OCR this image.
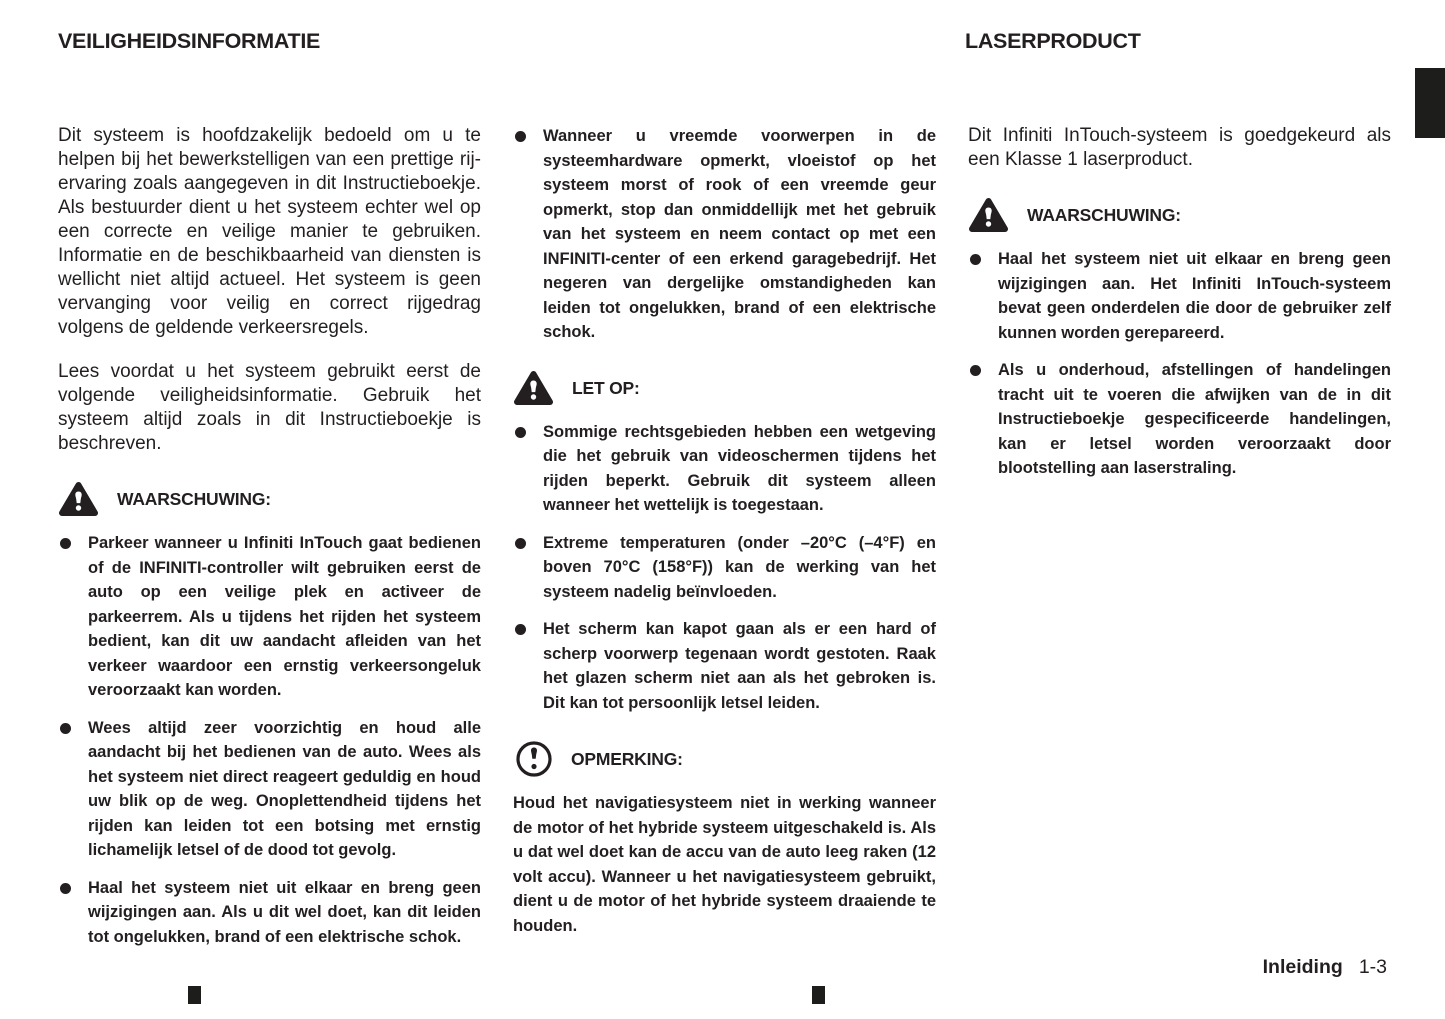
VEILIGHEIDSINFORMATIE	LASERPRODUCT

Dit systeem is hoofdzakelijk bedoeld om u te helpen bij het bewerkstelligen van een prettige rij-ervaring zoals aangegeven in dit Instructieboekje. Als bestuurder dient u het systeem echter wel op een correcte en veilige manier te gebruiken. Informatie en de beschikbaarheid van diensten is wellicht niet altijd actueel. Het systeem is geen vervanging voor veilig en correct rijgedrag volgens de geldende verkeersregels.

Lees voordat u het systeem gebruikt eerst de volgende veiligheidsinformatie. Gebruik het systeem altijd zoals in dit Instructieboekje is beschreven.

WAARSCHUWING:
Parkeer wanneer u Infiniti InTouch gaat bedienen of de INFINITI-controller wilt gebruiken eerst de auto op een veilige plek en activeer de parkeerrem. Als u tijdens het rijden het systeem bedient, kan dit uw aandacht afleiden van het verkeer waardoor een ernstig verkeersongeluk veroorzaakt kan worden.
Wees altijd zeer voorzichtig en houd alle aandacht bij het bedienen van de auto. Wees als het systeem niet direct reageert geduldig en houd uw blik op de weg. Onoplettendheid tijdens het rijden kan leiden tot een botsing met ernstig lichamelijk letsel of de dood tot gevolg.
Haal het systeem niet uit elkaar en breng geen wijzigingen aan. Als u dit wel doet, kan dit leiden tot ongelukken, brand of een elektrische schok.
Wanneer u vreemde voorwerpen in de systeemhardware opmerkt, vloeistof op het systeem morst of rook of een vreemde geur opmerkt, stop dan onmiddellijk met het gebruik van het systeem en neem contact op met een INFINITI-center of een erkend garagebedrijf. Het negeren van dergelijke omstandigheden kan leiden tot ongelukken, brand of een elektrische schok.
LET OP:
Sommige rechtsgebieden hebben een wetgeving die het gebruik van videoschermen tijdens het rijden beperkt. Gebruik dit systeem alleen wanneer het wettelijk is toegestaan.
Extreme temperaturen (onder –20°C (–4°F) en boven 70°C (158°F)) kan de werking van het systeem nadelig beïnvloeden.
Het scherm kan kapot gaan als er een hard of scherp voorwerp tegenaan wordt gestoten. Raak het glazen scherm niet aan als het gebroken is. Dit kan tot persoonlijk letsel leiden.
OPMERKING:

Houd het navigatiesysteem niet in werking wanneer de motor of het hybride systeem uitgeschakeld is. Als u dat wel doet kan de accu van de auto leeg raken (12 volt accu). Wanneer u het navigatiesysteem gebruikt, dient u de motor of het hybride systeem draaiende te houden.

Dit Infiniti InTouch-systeem is goedgekeurd als een Klasse 1 laserproduct.

WAARSCHUWING:
Haal het systeem niet uit elkaar en breng geen wijzigingen aan. Het Infiniti InTouch-systeem bevat geen onderdelen die door de gebruiker zelf kunnen worden gerepareerd.
Als u onderhoud, afstellingen of handelingen tracht uit te voeren die afwijken van de in dit Instructieboekje gespecificeerde handelingen, kan er letsel worden veroorzaakt door blootstelling aan laserstraling.
Inleiding 1-3
